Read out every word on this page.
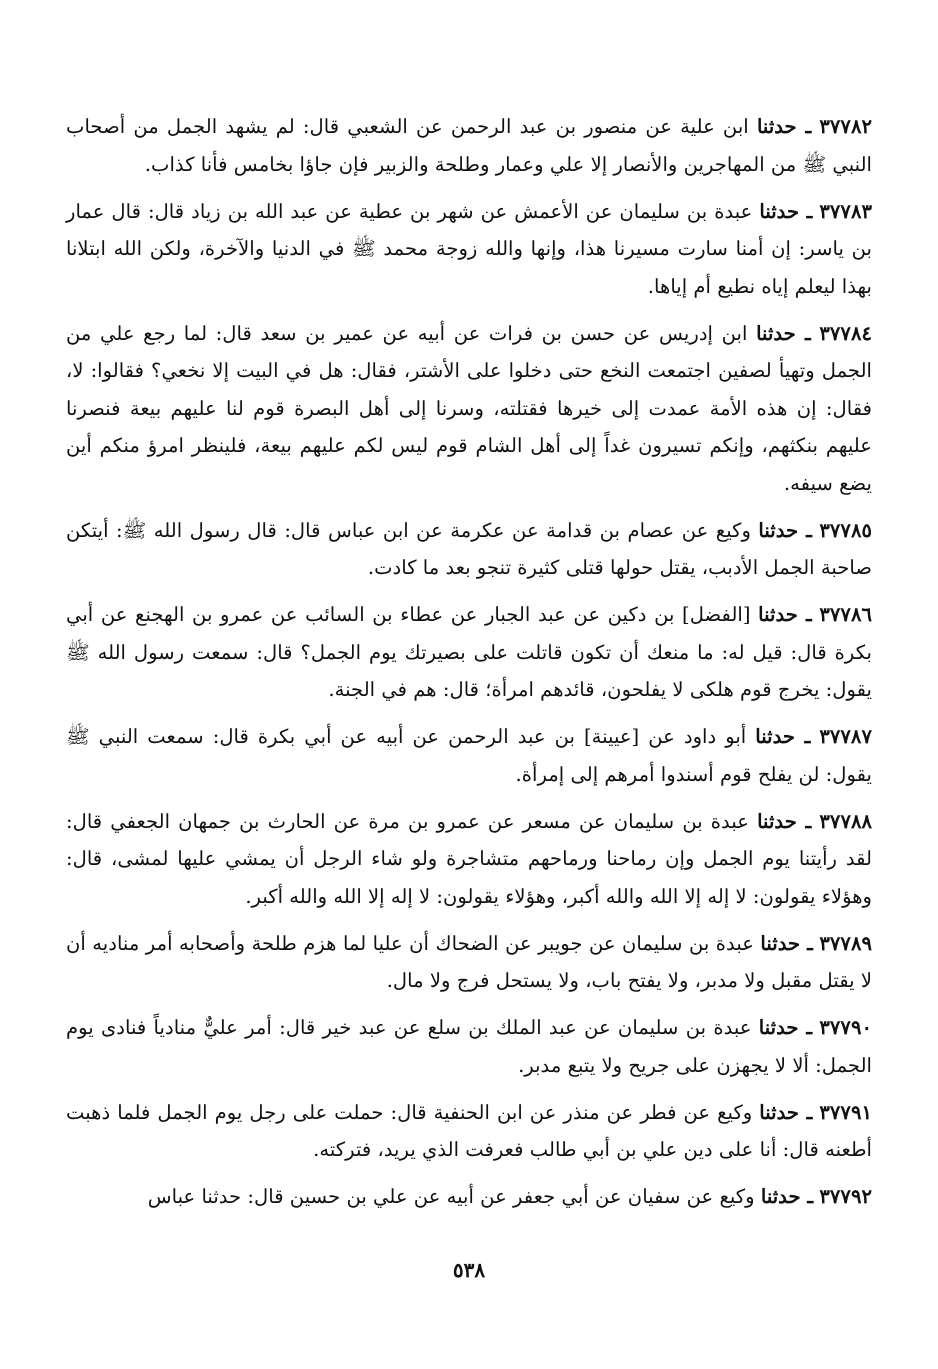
٣٧٧٨٢ ـ حدثنا ابن علية عن منصور بن عبد الرحمن عن الشعبي قال: لم يشهد الجمل من أصحاب النبي ﷺ من المهاجرين والأنصار إلا علي وعمار وطلحة والزبير فإن جاؤا بخامس فأنا كذاب.

٣٧٧٨٣ ـ حدثنا عبدة بن سليمان عن الأعمش عن شهر بن عطية عن عبد الله بن زياد قال: قال عمار بن ياسر: إن أمنا سارت مسيرنا هذا، وإنها والله زوجة محمد ﷺ في الدنيا والآخرة، ولكن الله ابتلانا بهذا ليعلم إياه نطيع أم إياها.

٣٧٧٨٤ ـ حدثنا ابن إدريس عن حسن بن فرات عن أبيه عن عمير بن سعد قال: لما رجع علي من الجمل وتهيأ لصفين اجتمعت النخع حتى دخلوا على الأشتر، فقال: هل في البيت إلا نخعي؟ فقالوا: لا، فقال: إن هذه الأمة عمدت إلى خيرها فقتلته، وسرنا إلى أهل البصرة قوم لنا عليهم بيعة فنصرنا عليهم بنكثهم، وإنكم تسيرون غداً إلى أهل الشام قوم ليس لكم عليهم بيعة، فلينظر امرؤ منكم أين يضع سيفه.

٣٧٧٨٥ ـ حدثنا وكيع عن عصام بن قدامة عن عكرمة عن ابن عباس قال: قال رسول الله ﷺ: أيتكن صاحبة الجمل الأدبب، يقتل حولها قتلى كثيرة تنجو بعد ما كادت.

٣٧٧٨٦ ـ حدثنا [الفضل] بن دكين عن عبد الجبار عن عطاء بن السائب عن عمرو بن الهجنع عن أبي بكرة قال: قيل له: ما منعك أن تكون قاتلت على بصيرتك يوم الجمل؟ قال: سمعت رسول الله ﷺ يقول: يخرج قوم هلكى لا يفلحون، قائدهم امرأة؛ قال: هم في الجنة.

٣٧٧٨٧ ـ حدثنا أبو داود عن [عيينة] بن عبد الرحمن عن أبيه عن أبي بكرة قال: سمعت النبي ﷺ يقول: لن يفلح قوم أسندوا أمرهم إلى إمرأة.

٣٧٧٨٨ ـ حدثنا عبدة بن سليمان عن مسعر عن عمرو بن مرة عن الحارث بن جمهان الجعفي قال: لقد رأيتنا يوم الجمل وإن رماحنا ورماحهم متشاجرة ولو شاء الرجل أن يمشي عليها لمشى، قال: وهؤلاء يقولون: لا إله إلا الله والله أكبر، وهؤلاء يقولون: لا إله إلا الله والله أكبر.

٣٧٧٨٩ ـ حدثنا عبدة بن سليمان عن جويبر عن الضحاك أن عليا لما هزم طلحة وأصحابه أمر مناديه أن لا يقتل مقبل ولا مدبر، ولا يفتح باب، ولا يستحل فرج ولا مال.

٣٧٧٩٠ ـ حدثنا عبدة بن سليمان عن عبد الملك بن سلع عن عبد خير قال: أمر عليٌّ منادياً فنادى يوم الجمل: ألا لا يجهزن على جريح ولا يتبع مدبر.

٣٧٧٩١ ـ حدثنا وكيع عن فطر عن منذر عن ابن الحنفية قال: حملت على رجل يوم الجمل فلما ذهبت أطعنه قال: أنا على دين علي بن أبي طالب فعرفت الذي يريد، فتركته.

٣٧٧٩٢ ـ حدثنا وكيع عن سفيان عن أبي جعفر عن أبيه عن علي بن حسين قال: حدثنا عباس

٥٣٨
